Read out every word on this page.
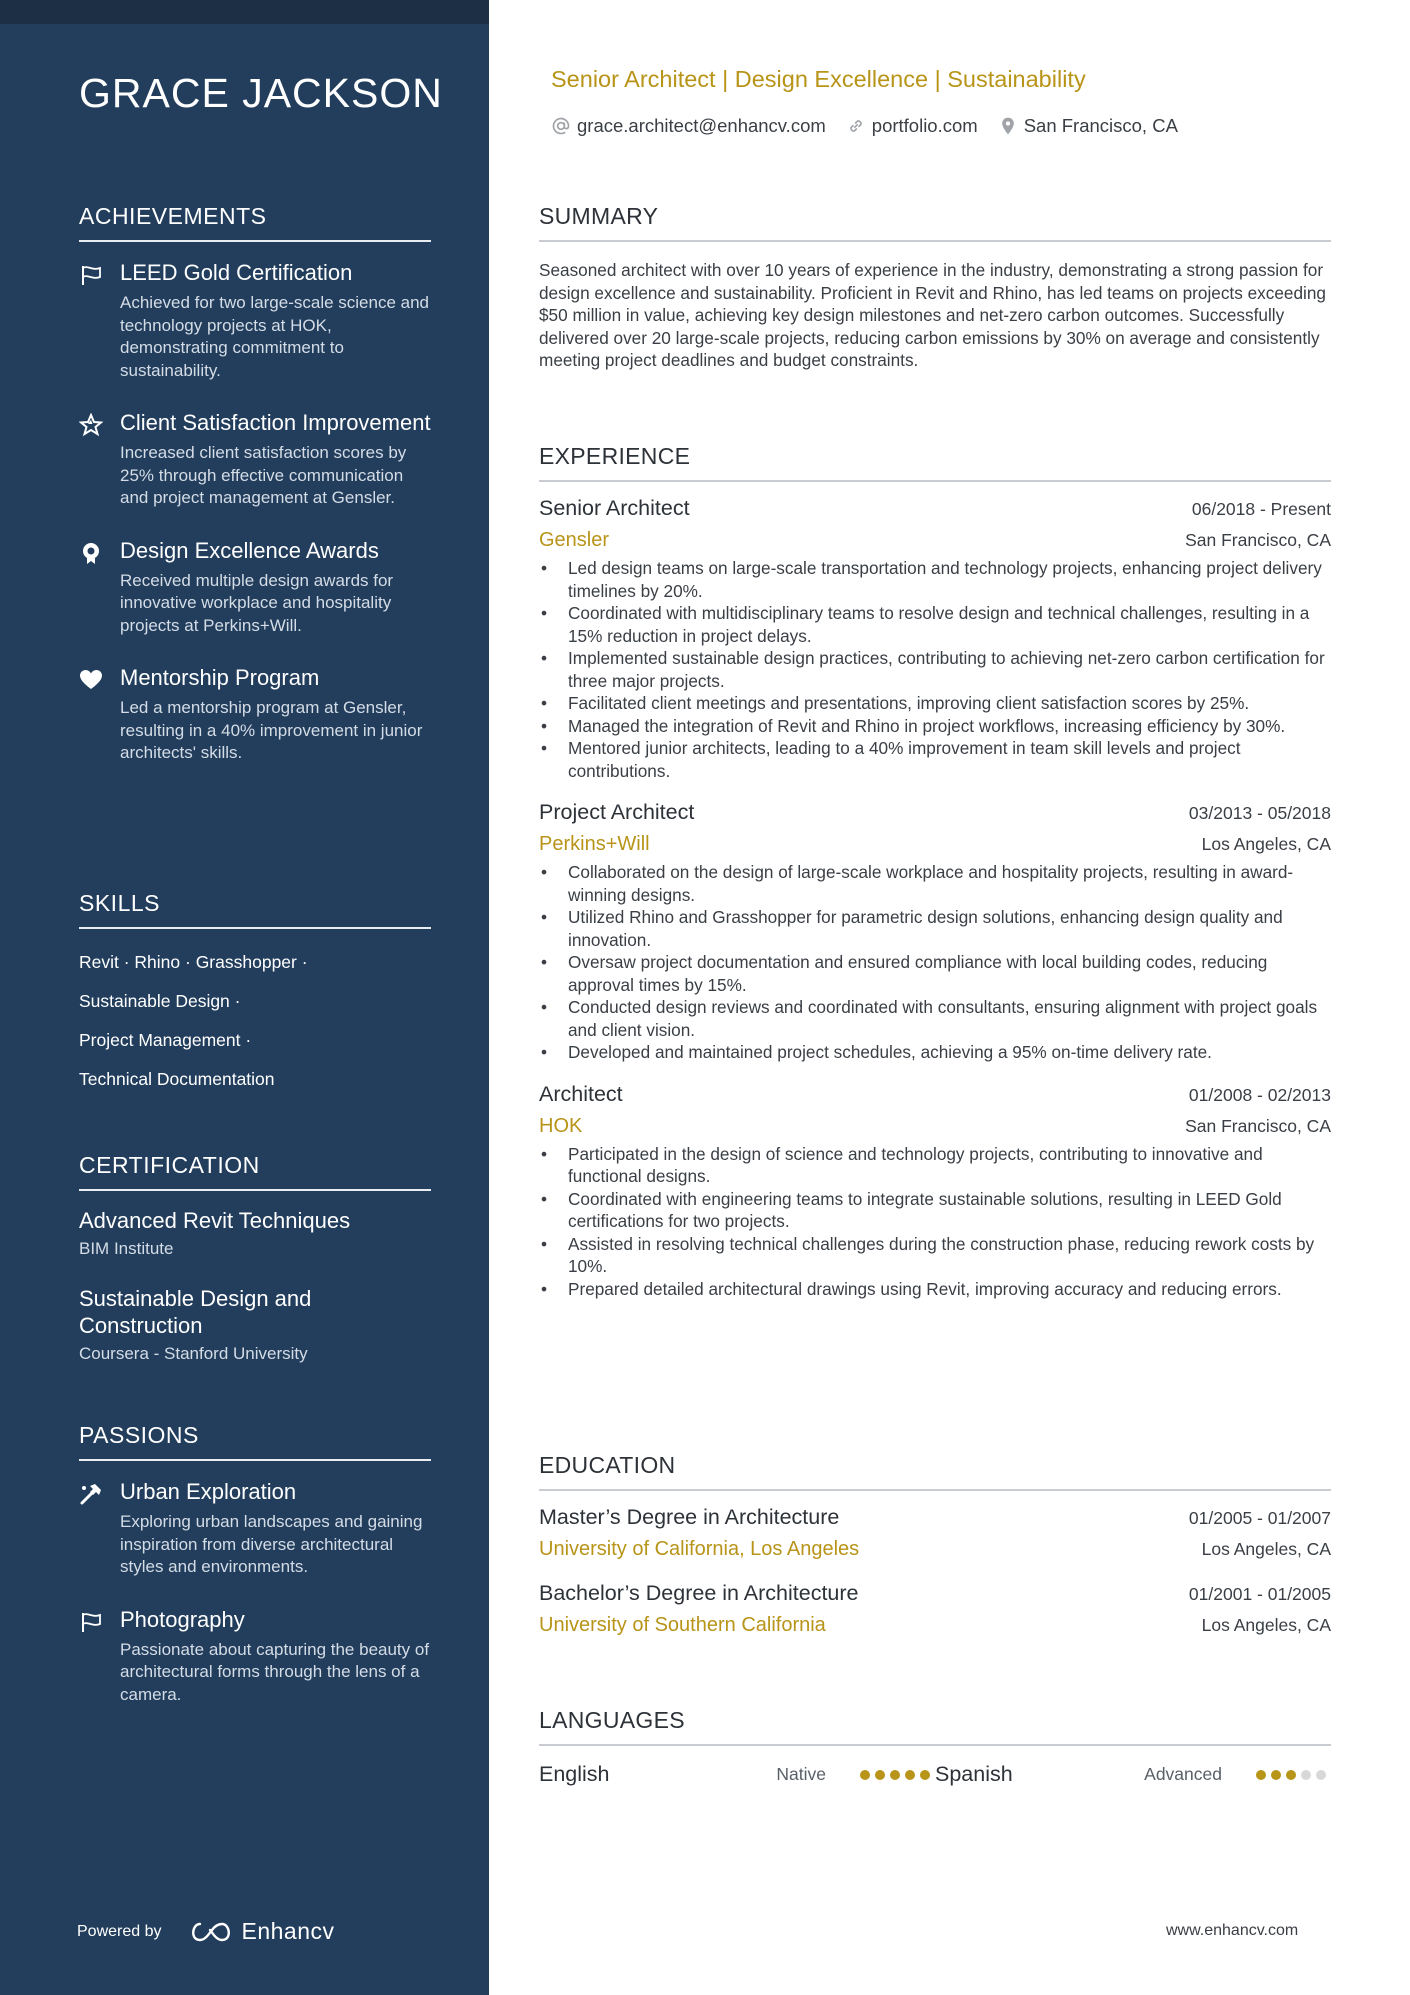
GRACE JACKSON
ACHIEVEMENTS
LEED Gold Certification
Achieved for two large-scale science and technology projects at HOK, demonstrating commitment to sustainability.
Client Satisfaction Improvement
Increased client satisfaction scores by 25% through effective communication and project management at Gensler.
Design Excellence Awards
Received multiple design awards for innovative workplace and hospitality projects at Perkins+Will.
Mentorship Program
Led a mentorship program at Gensler, resulting in a 40% improvement in junior architects' skills.
SKILLS
Revit · Rhino · Grasshopper ·
Sustainable Design ·
Project Management ·
Technical Documentation
CERTIFICATION
Advanced Revit Techniques
BIM Institute
Sustainable Design and Construction
Coursera - Stanford University
PASSIONS
Urban Exploration
Exploring urban landscapes and gaining inspiration from diverse architectural styles and environments.
Photography
Passionate about capturing the beauty of architectural forms through the lens of a camera.
Powered by	Enhancv
Senior Architect | Design Excellence | Sustainability
grace.architect@enhancv.com portfolio.com San Francisco, CA
SUMMARY

Seasoned architect with over 10 years of experience in the industry, demonstrating a strong passion for design excellence and sustainability. Proficient in Revit and Rhino, has led teams on projects exceeding $50 million in value, achieving key design milestones and net-zero carbon outcomes. Successfully delivered over 20 large-scale projects, reducing carbon emissions by 30% on average and consistently meeting project deadlines and budget constraints.

EXPERIENCE
Senior Architect	06/2018 - Present
Gensler	San Francisco, CA
• Led design teams on large-scale transportation and technology projects, enhancing project delivery timelines by 20%.
• Coordinated with multidisciplinary teams to resolve design and technical challenges, resulting in a 15% reduction in project delays.
• Implemented sustainable design practices, contributing to achieving net-zero carbon certification for three major projects.
• Facilitated client meetings and presentations, improving client satisfaction scores by 25%.
• Managed the integration of Revit and Rhino in project workflows, increasing efficiency by 30%.
• Mentored junior architects, leading to a 40% improvement in team skill levels and project contributions.
Project Architect	03/2013 - 05/2018
Perkins+Will	Los Angeles, CA
• Collaborated on the design of large-scale workplace and hospitality projects, resulting in award-winning designs.
• Utilized Rhino and Grasshopper for parametric design solutions, enhancing design quality and innovation.
• Oversaw project documentation and ensured compliance with local building codes, reducing approval times by 15%.
• Conducted design reviews and coordinated with consultants, ensuring alignment with project goals and client vision.
• Developed and maintained project schedules, achieving a 95% on-time delivery rate.
Architect	01/2008 - 02/2013
HOK	San Francisco, CA
• Participated in the design of science and technology projects, contributing to innovative and functional designs.
• Coordinated with engineering teams to integrate sustainable solutions, resulting in LEED Gold certifications for two projects.
• Assisted in resolving technical challenges during the construction phase, reducing rework costs by 10%.
• Prepared detailed architectural drawings using Revit, improving accuracy and reducing errors.
EDUCATION
Master’s Degree in Architecture	01/2005 - 01/2007
University of California, Los Angeles	Los Angeles, CA
Bachelor’s Degree in Architecture	01/2001 - 01/2005
University of Southern California	Los Angeles, CA
LANGUAGES
English	Native	Spanish	Advanced
www.enhancv.com
